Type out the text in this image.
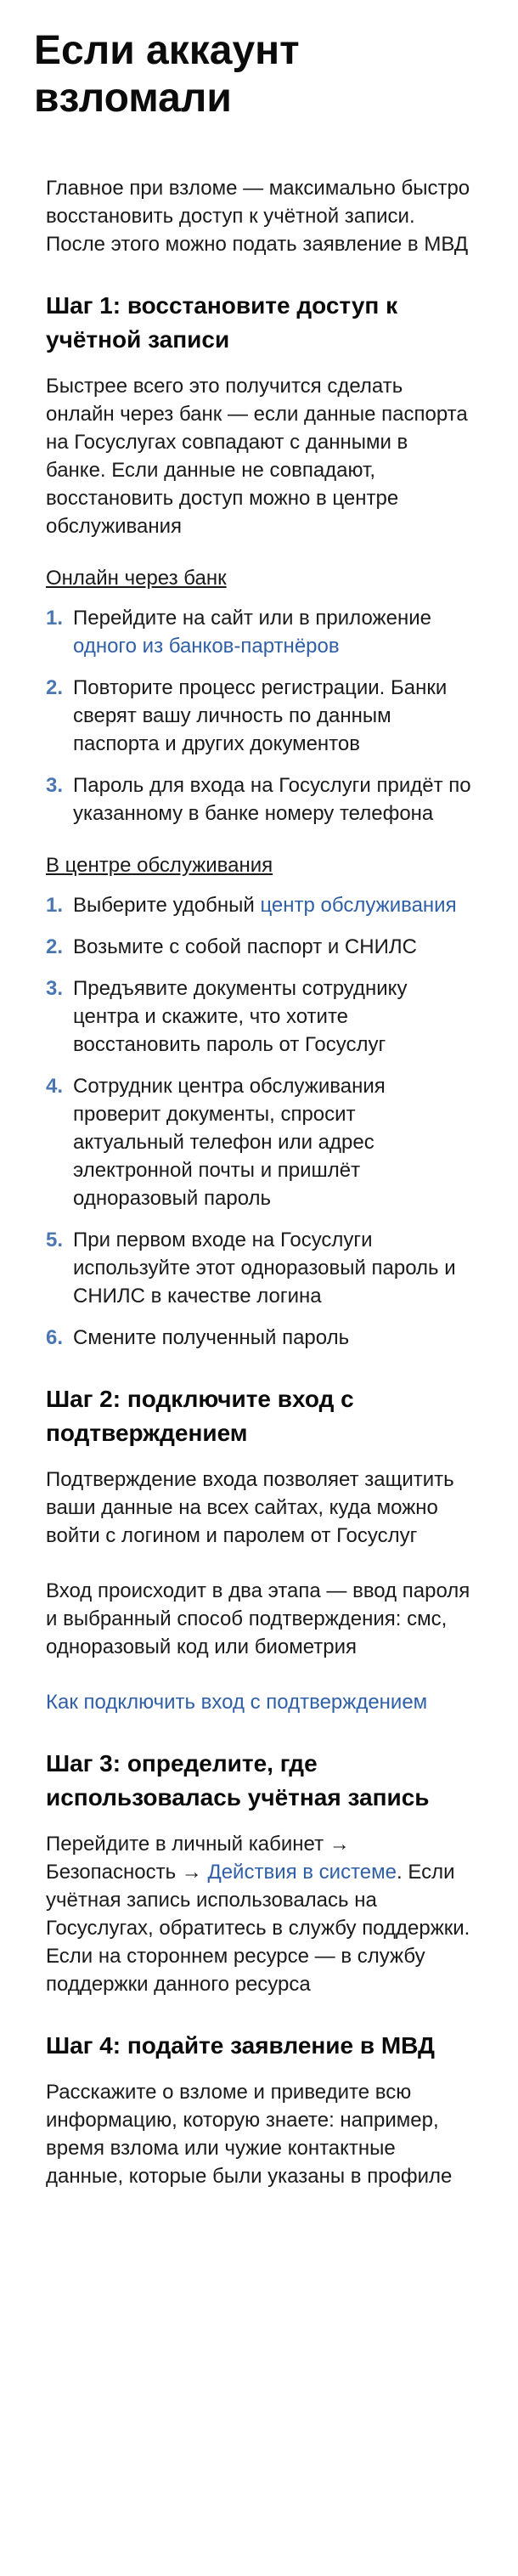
Если аккаунт взломали

Главное при взломе — максимально быстро восстановить доступ к учётной записи. После этого можно подать заявление в МВД

Шаг 1: восстановите доступ к учётной записи

Быстрее всего это получится сделать онлайн через банк — если данные паспорта на Госуслугах совпадают с данными в банке. Если данные не совпадают, восстановить доступ можно в центре обслуживания

Онлайн через банк
1. Перейдите на сайт или в приложение одного из банков-партнёров
2. Повторите процесс регистрации. Банки сверят вашу личность по данным паспорта и других документов
3. Пароль для входа на Госуслуги придёт по указанному в банке номеру телефона
В центре обслуживания
1. Выберите удобный центр обслуживания
2. Возьмите с собой паспорт и СНИЛС
3. Предъявите документы сотруднику центра и скажите, что хотите восстановить пароль от Госуслуг
4. Сотрудник центра обслуживания проверит документы, спросит актуальный телефон или адрес электронной почты и пришлёт одноразовый пароль
5. При первом входе на Госуслуги используйте этот одноразовый пароль и СНИЛС в качестве логина
6. Смените полученный пароль
Шаг 2: подключите вход с подтверждением

Подтверждение входа позволяет защитить ваши данные на всех сайтах, куда можно войти с логином и паролем от Госуслуг

Вход происходит в два этапа — ввод пароля и выбранный способ подтверждения: смс, одноразовый код или биометрия

Как подключить вход с подтверждением

Шаг 3: определите, где использовалась учётная запись

Перейдите в личный кабинет → Безопасность → Действия в системе. Если учётная запись использовалась на Госуслугах, обратитесь в службу поддержки. Если на стороннем ресурсе — в службу поддержки данного ресурса

Шаг 4: подайте заявление в МВД

Расскажите о взломе и приведите всю информацию, которую знаете: например, время взлома или чужие контактные данные, которые были указаны в профиле
